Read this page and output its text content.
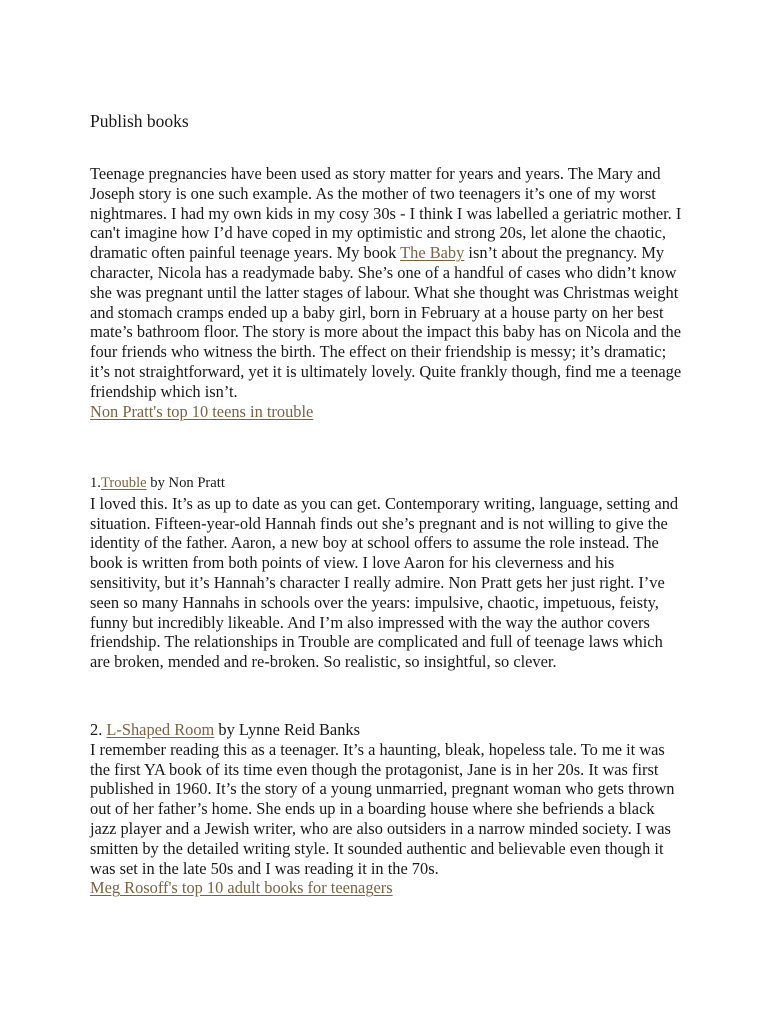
Publish books

Teenage pregnancies have been used as story matter for years and years. The Mary and Joseph story is one such example. As the mother of two teenagers it’s one of my worst nightmares. I had my own kids in my cosy 30s - I think I was labelled a geriatric mother. I can't imagine how I’d have coped in my optimistic and strong 20s, let alone the chaotic, dramatic often painful teenage years. My book The Baby isn’t about the pregnancy. My character, Nicola has a readymade baby. She’s one of a handful of cases who didn’t know she was pregnant until the latter stages of labour. What she thought was Christmas weight and stomach cramps ended up a baby girl, born in February at a house party on her best mate’s bathroom floor. The story is more about the impact this baby has on Nicola and the four friends who witness the birth. The effect on their friendship is messy; it’s dramatic; it’s not straightforward, yet it is ultimately lovely. Quite frankly though, find me a teenage friendship which isn’t.

Non Pratt's top 10 teens in trouble

1.Trouble by Non Pratt

I loved this. It’s as up to date as you can get. Contemporary writing, language, setting and situation. Fifteen-year-old Hannah finds out she’s pregnant and is not willing to give the identity of the father. Aaron, a new boy at school offers to assume the role instead. The book is written from both points of view. I love Aaron for his cleverness and his sensitivity, but it’s Hannah’s character I really admire. Non Pratt gets her just right. I’ve seen so many Hannahs in schools over the years: impulsive, chaotic, impetuous, feisty, funny but incredibly likeable. And I’m also impressed with the way the author covers friendship. The relationships in Trouble are complicated and full of teenage laws which are broken, mended and re-broken. So realistic, so insightful, so clever.

2. L-Shaped Room by Lynne Reid Banks

I remember reading this as a teenager. It’s a haunting, bleak, hopeless tale. To me it was the first YA book of its time even though the protagonist, Jane is in her 20s. It was first published in 1960. It’s the story of a young unmarried, pregnant woman who gets thrown out of her father’s home. She ends up in a boarding house where she befriends a black jazz player and a Jewish writer, who are also outsiders in a narrow minded society. I was smitten by the detailed writing style. It sounded authentic and believable even though it was set in the late 50s and I was reading it in the 70s.

Meg Rosoff's top 10 adult books for teenagers
